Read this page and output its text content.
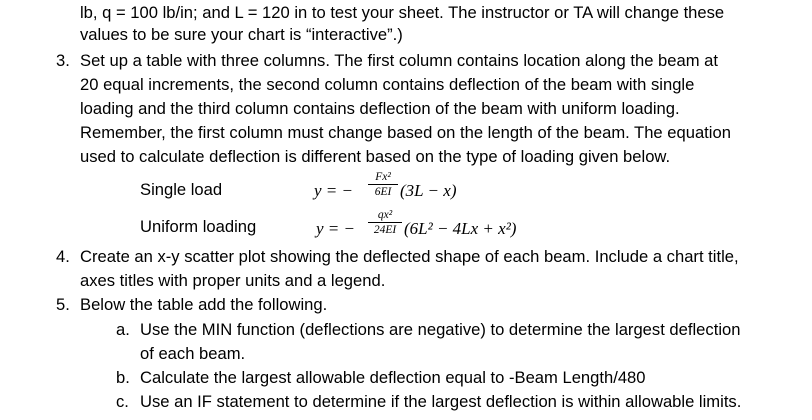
lb, q = 100 lb/in; and L = 120 in to test your sheet. The instructor or TA will change these
values to be sure your chart is “interactive”.)
3. Set up a table with three columns. The first column contains location along the beam at
20 equal increments, the second column contains deflection of the beam with single
loading and the third column contains deflection of the beam with uniform loading.
Remember, the first column must change based on the length of the beam. The equation
used to calculate deflection is different based on the type of loading given below.
Single load	y = −
Fx²
6EI (3L − x)
Uniform loading	y = −
qx²
24EI (6L² − 4Lx + x²)
4. Create an x-y scatter plot showing the deflected shape of each beam. Include a chart title,
axes titles with proper units and a legend.
5. Below the table add the following.
a. Use the MIN function (deflections are negative) to determine the largest deflection
of each beam.
b. Calculate the largest allowable deflection equal to -Beam Length/480
c. Use an IF statement to determine if the largest deflection is within allowable limits.
